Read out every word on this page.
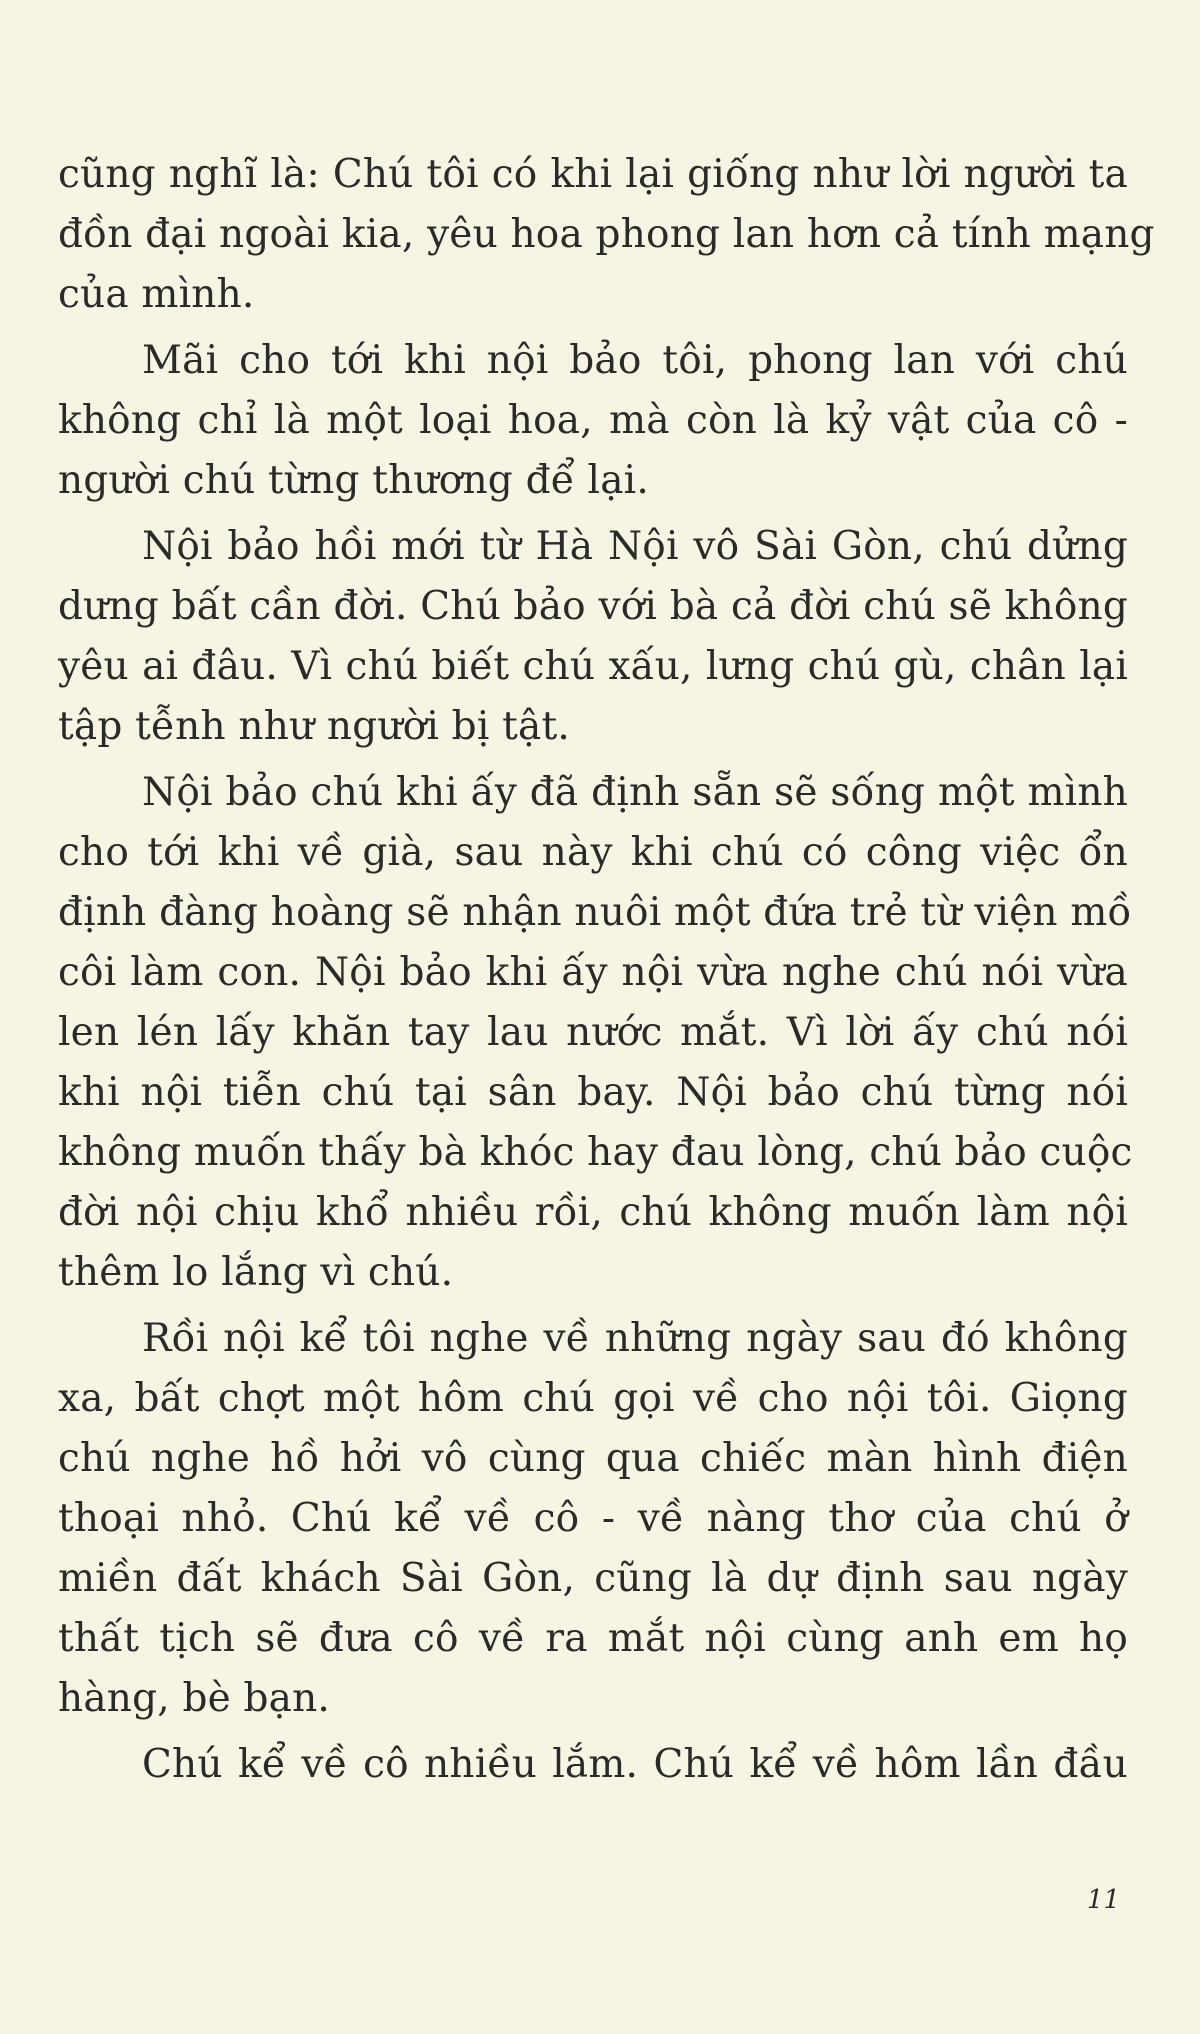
cũng nghĩ là: Chú tôi có khi lại giống như lời người ta
đồn đại ngoài kia, yêu hoa phong lan hơn cả tính mạng
của mình.
Mãi cho tới khi nội bảo tôi, phong lan với chú
không chỉ là một loại hoa, mà còn là kỷ vật của cô -
người chú từng thương để lại.
Nội bảo hồi mới từ Hà Nội vô Sài Gòn, chú dửng
dưng bất cần đời. Chú bảo với bà cả đời chú sẽ không
yêu ai đâu. Vì chú biết chú xấu, lưng chú gù, chân lại
tập tễnh như người bị tật.
Nội bảo chú khi ấy đã định sẵn sẽ sống một mình
cho tới khi về già, sau này khi chú có công việc ổn
định đàng hoàng sẽ nhận nuôi một đứa trẻ từ viện mồ
côi làm con. Nội bảo khi ấy nội vừa nghe chú nói vừa
len lén lấy khăn tay lau nước mắt. Vì lời ấy chú nói
khi nội tiễn chú tại sân bay. Nội bảo chú từng nói
không muốn thấy bà khóc hay đau lòng, chú bảo cuộc
đời nội chịu khổ nhiều rồi, chú không muốn làm nội
thêm lo lắng vì chú.
Rồi nội kể tôi nghe về những ngày sau đó không
xa, bất chợt một hôm chú gọi về cho nội tôi. Giọng
chú nghe hồ hởi vô cùng qua chiếc màn hình điện
thoại nhỏ. Chú kể về cô - về nàng thơ của chú ở
miền đất khách Sài Gòn, cũng là dự định sau ngày
thất tịch sẽ đưa cô về ra mắt nội cùng anh em họ
hàng, bè bạn.
Chú kể về cô nhiều lắm. Chú kể về hôm lần đầu
11
